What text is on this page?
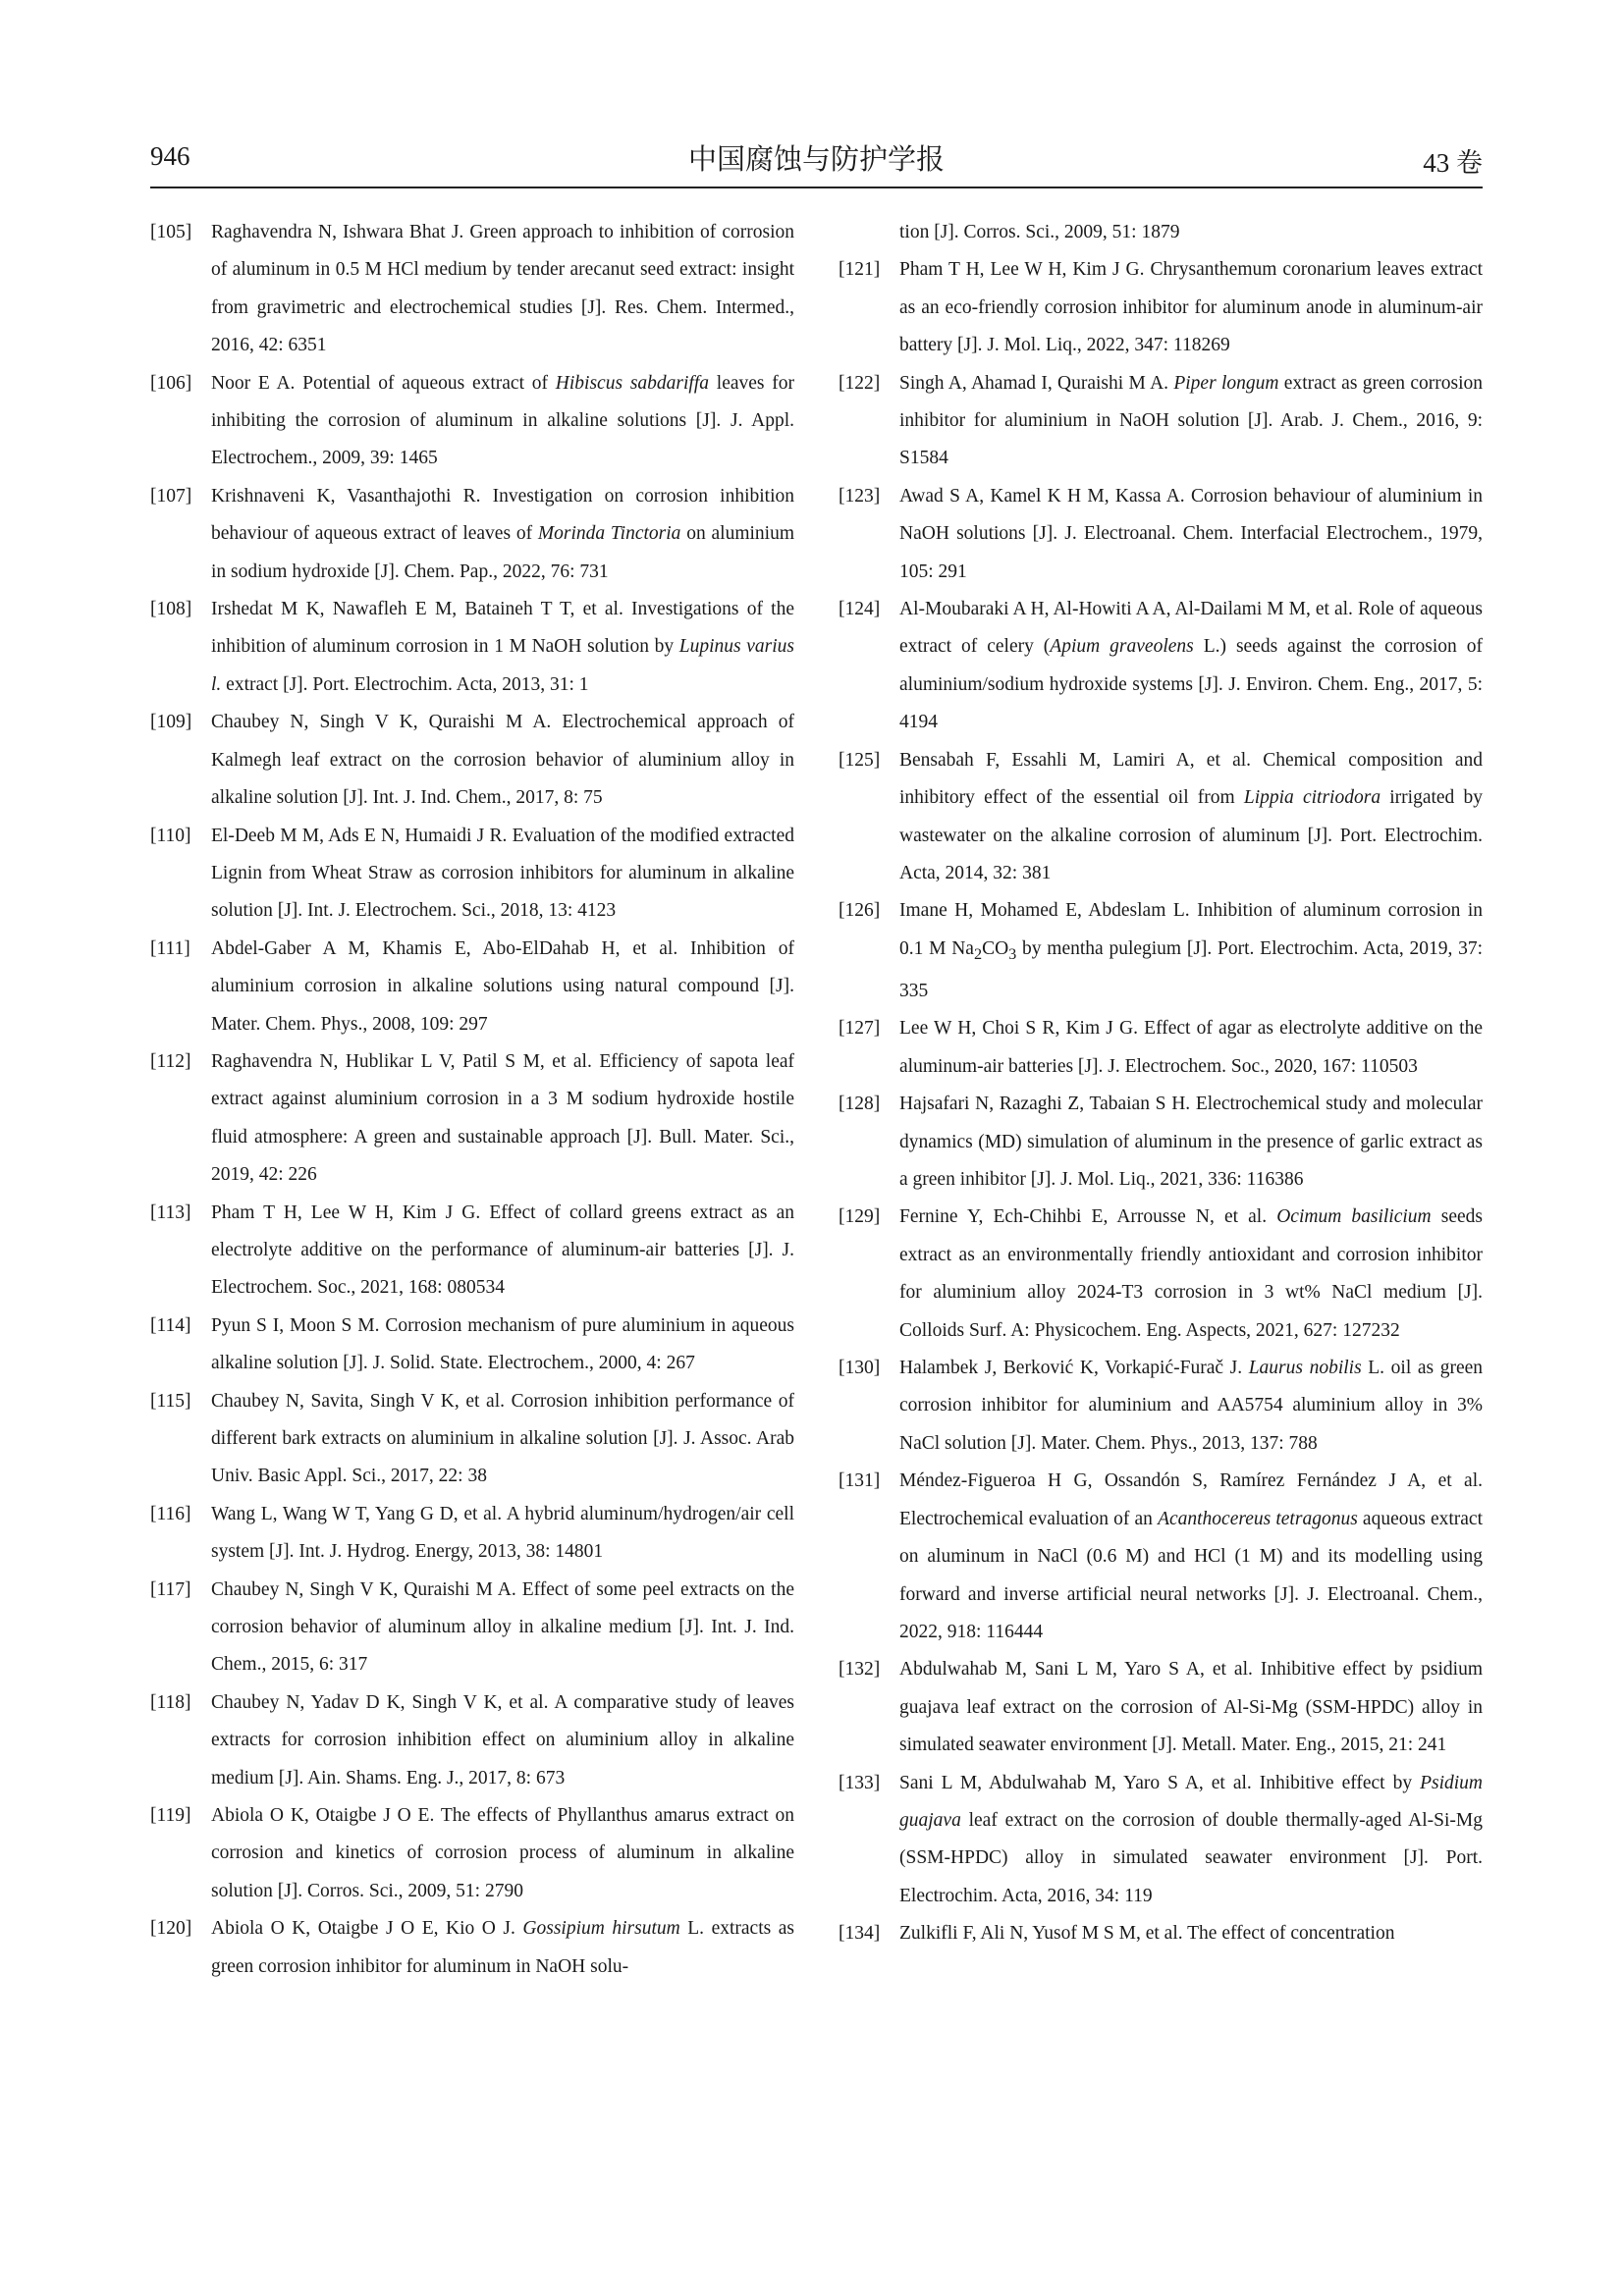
946	中国腐蚀与防护学报	43 卷

[105] Raghavendra N, Ishwara Bhat J. Green approach to inhibition of corrosion of aluminum in 0.5 M HCl medium by tender arecanut seed extract: insight from gravimetric and electrochemical studies [J]. Res. Chem. Intermed., 2016, 42: 6351

[106] Noor E A. Potential of aqueous extract of Hibiscus sabdariffa leaves for inhibiting the corrosion of aluminum in alkaline solutions [J]. J. Appl. Electrochem., 2009, 39: 1465

[107] Krishnaveni K, Vasanthajothi R. Investigation on corrosion inhibition behaviour of aqueous extract of leaves of Morinda Tinctoria on aluminium in sodium hydroxide [J]. Chem. Pap., 2022, 76: 731

[108] Irshedat M K, Nawafleh E M, Bataineh T T, et al. Investigations of the inhibition of aluminum corrosion in 1 M NaOH solution by Lupinus varius l. extract [J]. Port. Electrochim. Acta, 2013, 31: 1

[109] Chaubey N, Singh V K, Quraishi M A. Electrochemical approach of Kalmegh leaf extract on the corrosion behavior of aluminium alloy in alkaline solution [J]. Int. J. Ind. Chem., 2017, 8: 75

[110] El-Deeb M M, Ads E N, Humaidi J R. Evaluation of the modified extracted Lignin from Wheat Straw as corrosion inhibitors for aluminum in alkaline solution [J]. Int. J. Electrochem. Sci., 2018, 13: 4123

[111] Abdel-Gaber A M, Khamis E, Abo-ElDahab H, et al. Inhibition of aluminium corrosion in alkaline solutions using natural compound [J]. Mater. Chem. Phys., 2008, 109: 297

[112] Raghavendra N, Hublikar L V, Patil S M, et al. Efficiency of sapota leaf extract against aluminium corrosion in a 3 M sodium hydroxide hostile fluid atmosphere: A green and sustainable approach [J]. Bull. Mater. Sci., 2019, 42: 226

[113] Pham T H, Lee W H, Kim J G. Effect of collard greens extract as an electrolyte additive on the performance of aluminum-air batteries [J]. J. Electrochem. Soc., 2021, 168: 080534

[114] Pyun S I, Moon S M. Corrosion mechanism of pure aluminium in aqueous alkaline solution [J]. J. Solid. State. Electrochem., 2000, 4: 267

[115] Chaubey N, Savita, Singh V K, et al. Corrosion inhibition performance of different bark extracts on aluminium in alkaline solution [J]. J. Assoc. Arab Univ. Basic Appl. Sci., 2017, 22: 38

[116] Wang L, Wang W T, Yang G D, et al. A hybrid aluminum/hydrogen/air cell system [J]. Int. J. Hydrog. Energy, 2013, 38: 14801

[117] Chaubey N, Singh V K, Quraishi M A. Effect of some peel extracts on the corrosion behavior of aluminum alloy in alkaline medium [J]. Int. J. Ind. Chem., 2015, 6: 317

[118] Chaubey N, Yadav D K, Singh V K, et al. A comparative study of leaves extracts for corrosion inhibition effect on aluminium alloy in alkaline medium [J]. Ain. Shams. Eng. J., 2017, 8: 673

[119] Abiola O K, Otaigbe J O E. The effects of Phyllanthus amarus extract on corrosion and kinetics of corrosion process of aluminum in alkaline solution [J]. Corros. Sci., 2009, 51: 2790

[120] Abiola O K, Otaigbe J O E, Kio O J. Gossipium hirsutum L. extracts as green corrosion inhibitor for aluminum in NaOH solu-

tion [J]. Corros. Sci., 2009, 51: 1879

[121] Pham T H, Lee W H, Kim J G. Chrysanthemum coronarium leaves extract as an eco-friendly corrosion inhibitor for aluminum anode in aluminum-air battery [J]. J. Mol. Liq., 2022, 347: 118269

[122] Singh A, Ahamad I, Quraishi M A. Piper longum extract as green corrosion inhibitor for aluminium in NaOH solution [J]. Arab. J. Chem., 2016, 9: S1584

[123] Awad S A, Kamel K H M, Kassa A. Corrosion behaviour of aluminium in NaOH solutions [J]. J. Electroanal. Chem. Interfacial Electrochem., 1979, 105: 291

[124] Al-Moubaraki A H, Al-Howiti A A, Al-Dailami M M, et al. Role of aqueous extract of celery (Apium graveolens L.) seeds against the corrosion of aluminium/sodium hydroxide systems [J]. J. Environ. Chem. Eng., 2017, 5: 4194

[125] Bensabah F, Essahli M, Lamiri A, et al. Chemical composition and inhibitory effect of the essential oil from Lippia citriodora irrigated by wastewater on the alkaline corrosion of aluminum [J]. Port. Electrochim. Acta, 2014, 32: 381

[126] Imane H, Mohamed E, Abdeslam L. Inhibition of aluminum corrosion in 0.1 M $Na_2CO_3$ by mentha pulegium [J]. Port. Electrochim. Acta, 2019, 37: 335

[127] Lee W H, Choi S R, Kim J G. Effect of agar as electrolyte additive on the aluminum-air batteries [J]. J. Electrochem. Soc., 2020, 167: 110503

[128] Hajsafari N, Razaghi Z, Tabaian S H. Electrochemical study and molecular dynamics (MD) simulation of aluminum in the presence of garlic extract as a green inhibitor [J]. J. Mol. Liq., 2021, 336: 116386

[129] Fernine Y, Ech-Chihbi E, Arrousse N, et al. Ocimum basilicium seeds extract as an environmentally friendly antioxidant and corrosion inhibitor for aluminium alloy 2024-T3 corrosion in 3 wt% NaCl medium [J]. Colloids Surf. A: Physicochem. Eng. Aspects, 2021, 627: 127232

[130] Halambek J, Berković K, Vorkapić-Furač J. Laurus nobilis L. oil as green corrosion inhibitor for aluminium and AA5754 aluminium alloy in 3% NaCl solution [J]. Mater. Chem. Phys., 2013, 137: 788

[131] Méndez-Figueroa H G, Ossandón S, Ramírez Fernández J A, et al. Electrochemical evaluation of an Acanthocereus tetragonus aqueous extract on aluminum in NaCl (0.6 M) and HCl (1 M) and its modelling using forward and inverse artificial neural networks [J]. J. Electroanal. Chem., 2022, 918: 116444

[132] Abdulwahab M, Sani L M, Yaro S A, et al. Inhibitive effect by psidium guajava leaf extract on the corrosion of Al-Si-Mg (SSM-HPDC) alloy in simulated seawater environment [J]. Metall. Mater. Eng., 2015, 21: 241

[133] Sani L M, Abdulwahab M, Yaro S A, et al. Inhibitive effect by Psidium guajava leaf extract on the corrosion of double thermally-aged Al-Si-Mg (SSM-HPDC) alloy in simulated seawater environment [J]. Port. Electrochim. Acta, 2016, 34: 119

[134] Zulkifli F, Ali N, Yusof M S M, et al. The effect of concentration
